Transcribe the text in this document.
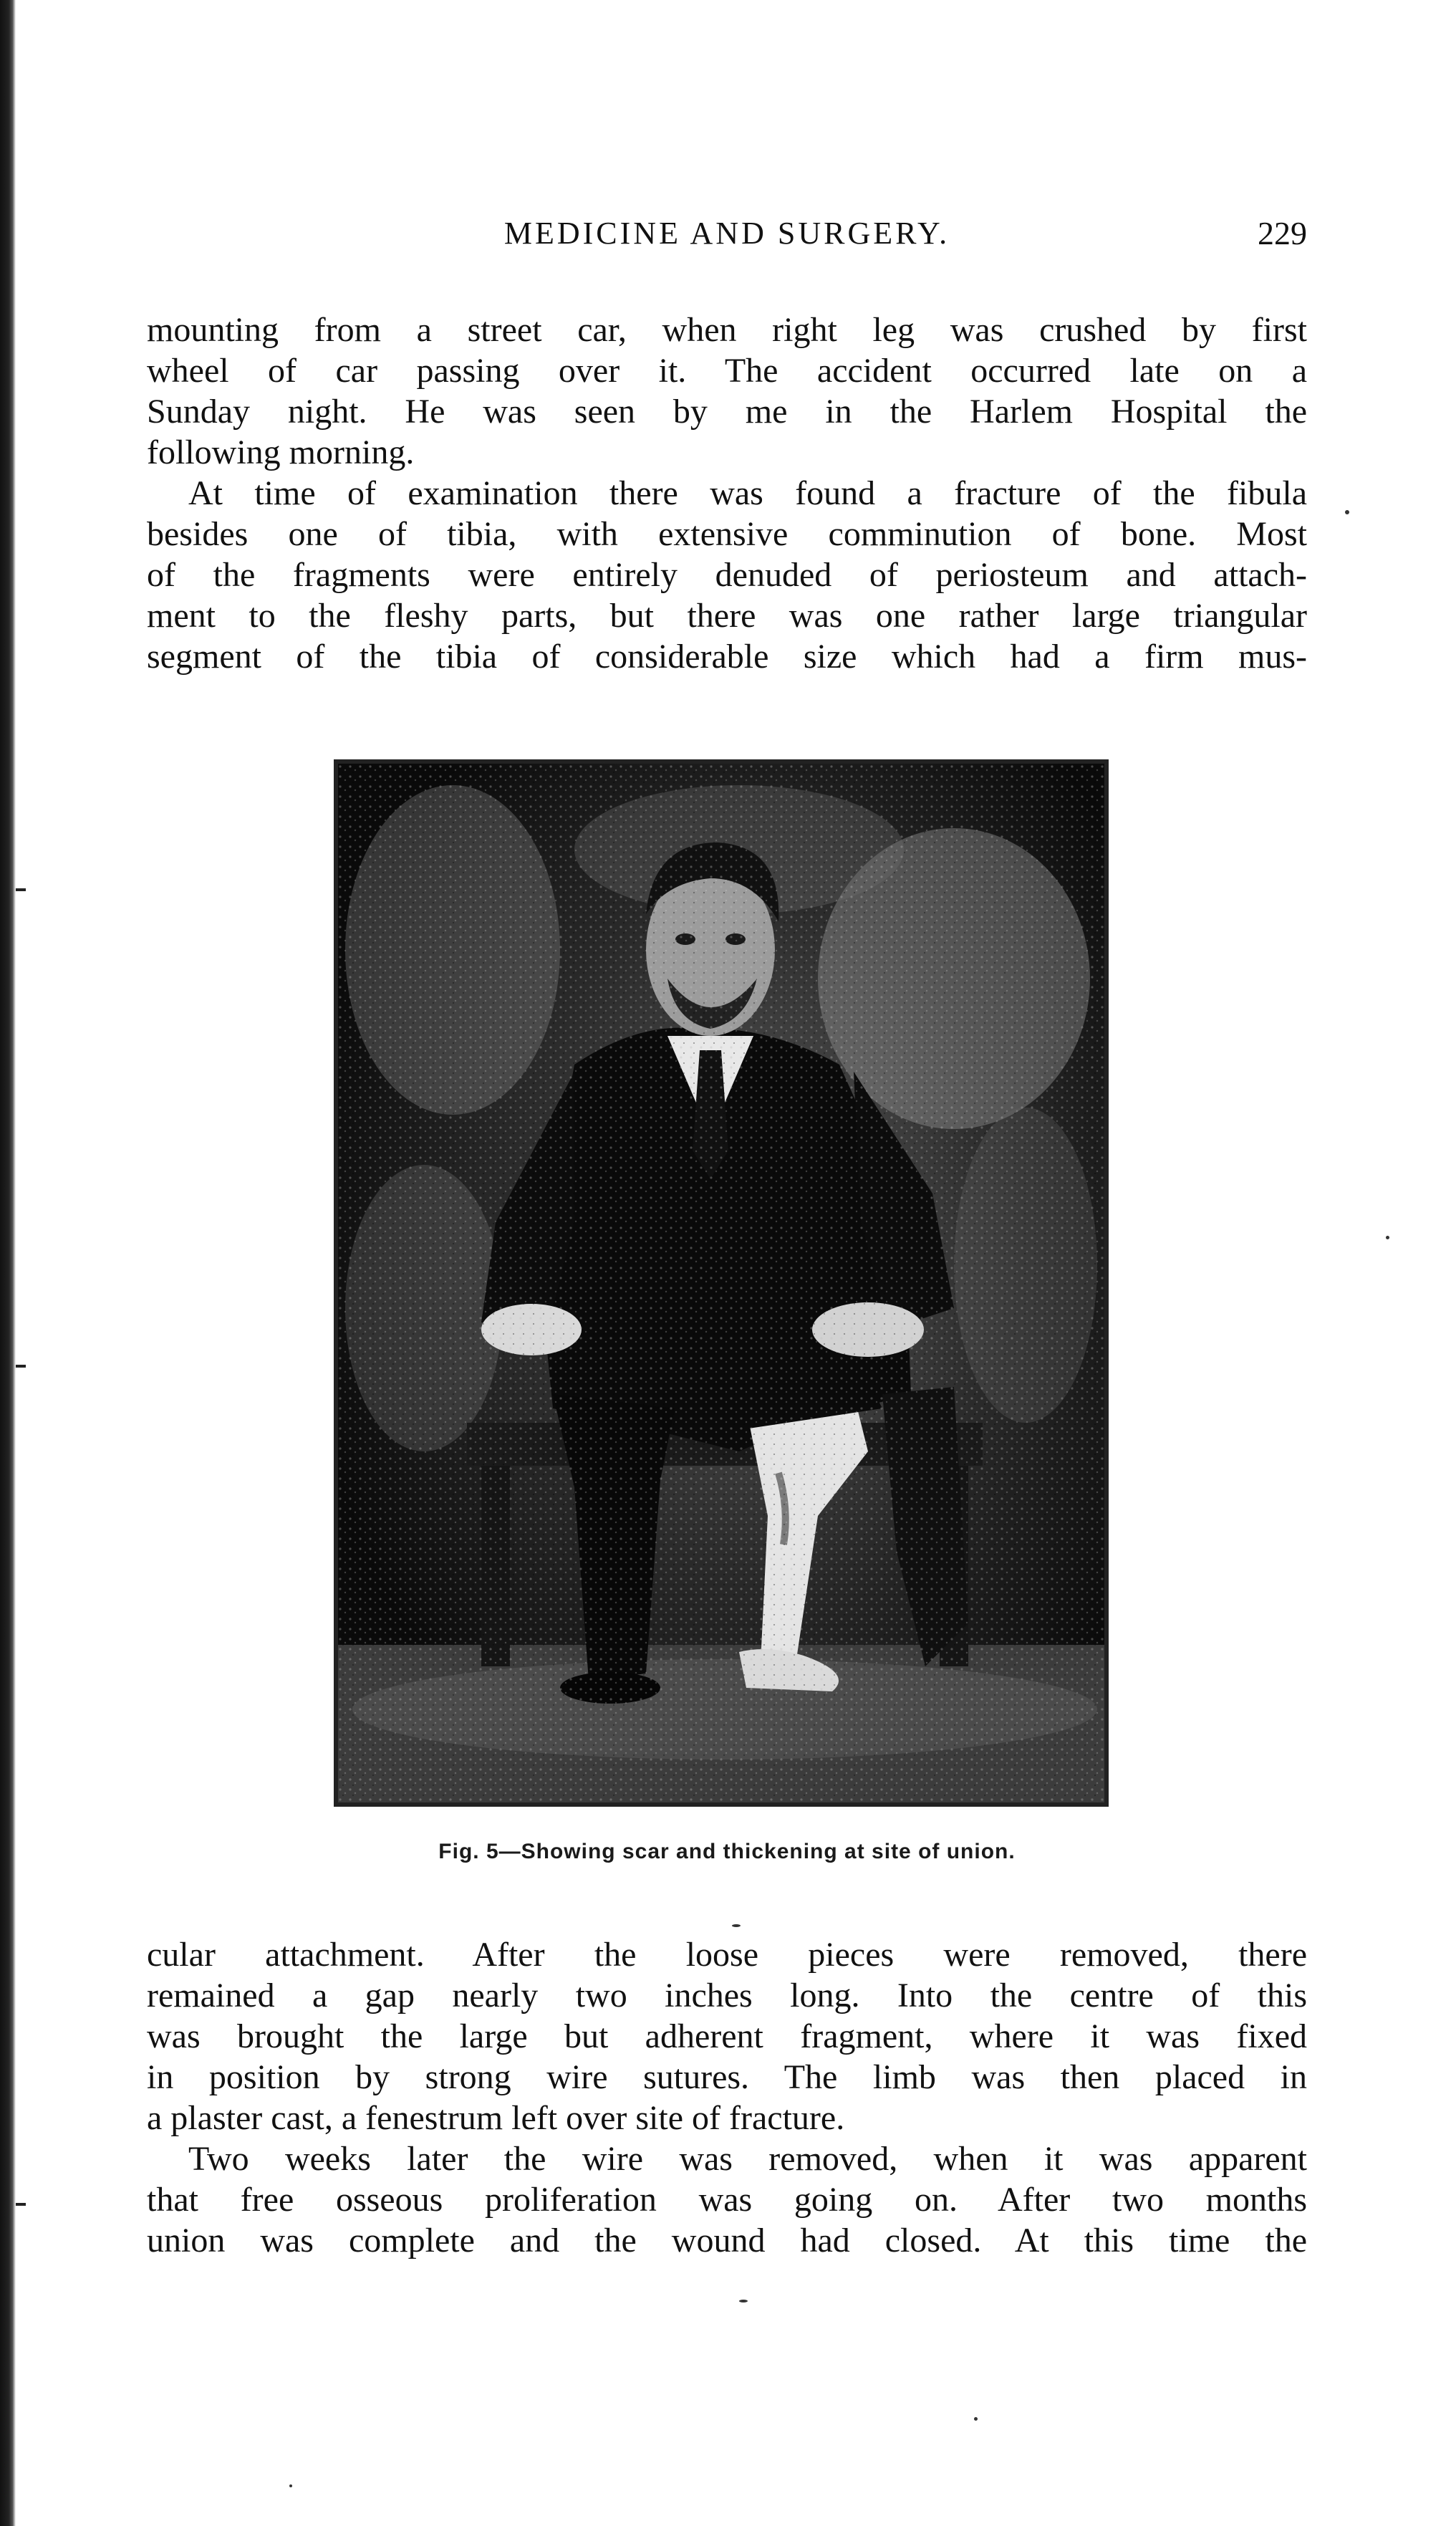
MEDICINE AND SURGERY.	229

mounting from a street car, when right leg was crushed by first
wheel of car passing over it. The accident occurred late on a
Sunday night. He was seen by me in the Harlem Hospital the
following morning.

At time of examination there was found a fracture of the fibula
besides one of tibia, with extensive comminution of bone. Most
of the fragments were entirely denuded of periosteum and attach-
ment to the fleshy parts, but there was one rather large triangular
segment of the tibia of considerable size which had a firm mus-

Fig. 5—Showing scar and thickening at site of union.

cular attachment. After the loose pieces were removed, there
remained a gap nearly two inches long. Into the centre of this
was brought the large but adherent fragment, where it was fixed
in position by strong wire sutures. The limb was then placed in
a plaster cast, a fenestrum left over site of fracture.

Two weeks later the wire was removed, when it was apparent
that free osseous proliferation was going on. After two months
union was complete and the wound had closed. At this time the
